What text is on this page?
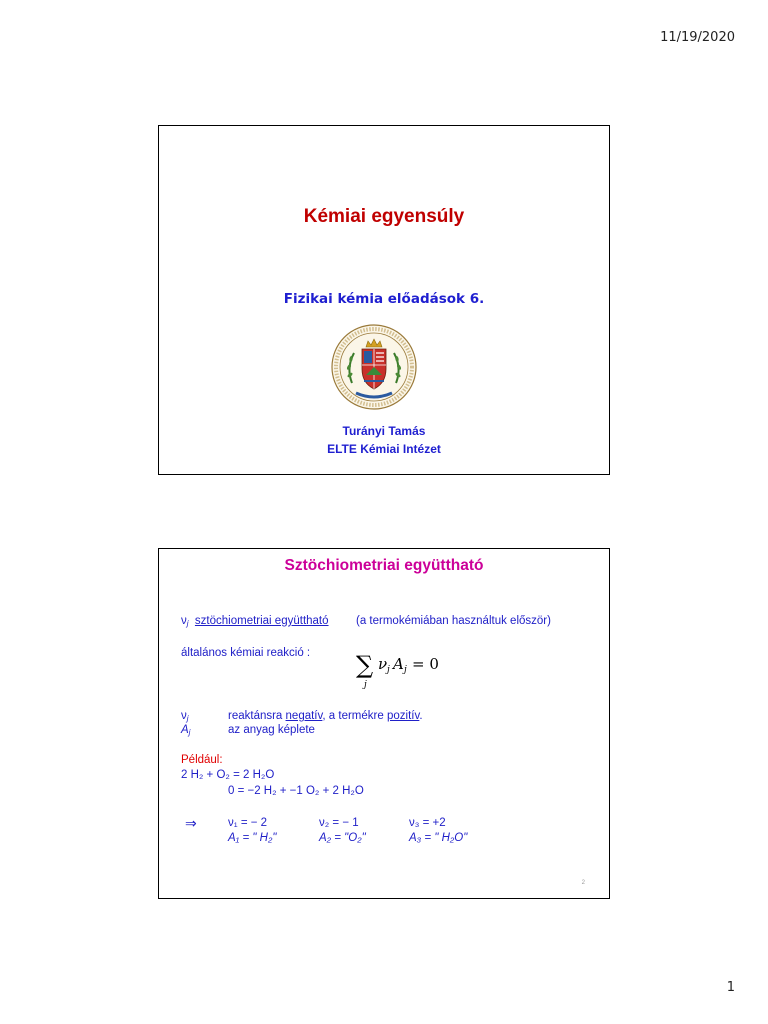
11/19/2020
Kémiai egyensúly
Fizikai kémia előadások 6.
Turányi Tamás
ELTE Kémiai Intézet
Sztöchiometriai együttható
$\nu_j$ sztöchiometriai együttható (a termokémiában használtuk először)
általános kémiai reakció : ∑
j
ν j A j = 0
$\nu_j$	reaktánsra negatív, a termékre pozitív.
$A_j$	az anyag képlete
Például:
2 H₂ + O₂ = 2 H₂O
0 = −2 H₂ + −1 O₂ + 2 H₂O
⇒	ν₁ = − 2	ν₂ = − 1	ν₃ = +2
A₁ = " H₂"	A₂ = "O₂"	A₃ = " H₂O"
2
1
